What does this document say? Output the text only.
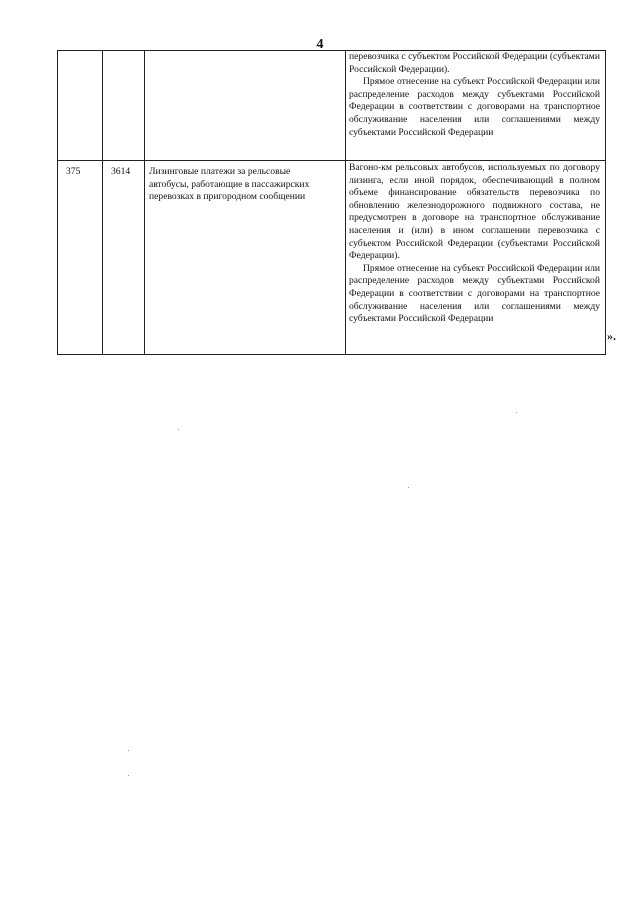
4

			перевозчика с субъектом Российской Федерации (субъектами Российской Федерации).

Прямое отнесение на субъект Российской Федерации или распределение расходов между субъектами Российской Федерации в соответствии с договорами на транспортное обслуживание населения или соглашениями между субъектами Российской Федерации

375	3614	Лизинговые платежи за рельсовые автобусы, работающие в пассажирских перевозках в пригородном сообщении	Вагоно-км рельсовых автобусов, используемых по договору лизинга, если иной порядок, обеспечивающий в полном объеме финансирование обязательств перевозчика по обновлению железнодорожного подвижного состава, не предусмотрен в договоре на транспортное обслуживание населения и (или) в ином соглашении перевозчика с субъектом Российской Федерации (субъектами Российской Федерации).

Прямое отнесение на субъект Российской Федерации или распределение расходов между субъектами Российской Федерации в соответствии с договорами на транспортное обслуживание населения или соглашениями между субъектами Российской Федерации

».
